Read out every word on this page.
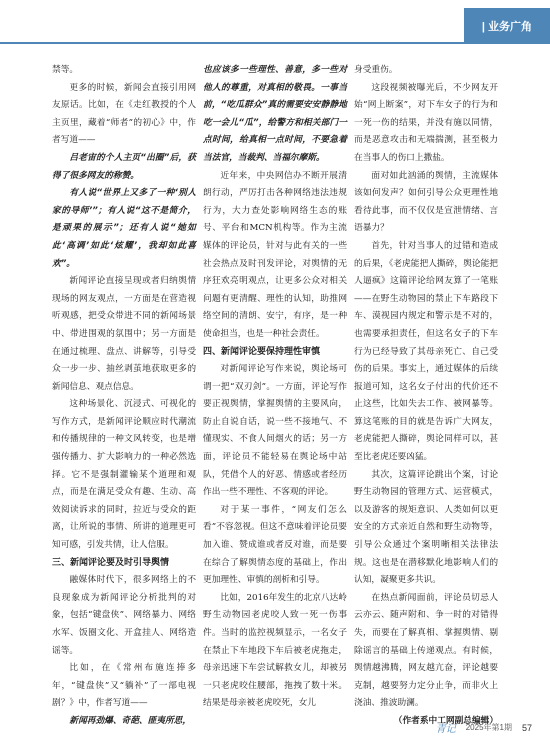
| 业务广角

禁等。

更多的时候，新闻会直接引用网友原话。比如，在《走红教授的个人主页里，藏着“师者”的初心》中，作者写道——

吕老宙的个人主页“出圈”后，获得了很多网友的称赞。

有人说“世界上又多了一种‘别人家的导师’”；有人说“这不是简介，是顽果的展示”；还有人说“她如此‘高调’如此‘炫耀’，我却如此喜欢”。

新闻评论直接呈现或者归纳舆情现场的网友观点，一方面是在营造视听观感，把受众带进不同的新闻场景中、带进围观的氛围中；另一方面是在通过梳理、盘点、讲解等，引导受众一步一步、抽丝剥茧地获取更多的新闻信息、观点信息。

这种场景化、沉浸式、可视化的写作方式，是新闻评论顺应时代潮流和传播规律的一种文风转变，也是增强传播力、扩大影响力的一种必然选择。它不是强制灌输某个道理和观点，而是在满足受众有趣、生动、高效阅读诉求的同时，拉近与受众的距离，让所说的事情、所讲的道理更可知可感，引发共情，让人信服。

三、新闻评论要及时引导舆情

融媒体时代下，很多网络上的不良现象成为新闻评论分析批判的对象，包括“键盘侠”、网络暴力、网络水军、饭圈文化、开盒挂人、网络造谣等。

比如，在《常州布施连捧多年，“键盘侠”又“躺补”了一部电视剧？》中，作者写道——

新闻再劲爆、奇葩、匪夷所思，

也应该多一些理性、善意，多一些对他人的尊重，对真相的敬畏。一事当前，“吃瓜群众”真的需要安安静静地吃一会儿“瓜”，给警方和相关部门一点时间，给真相一点时间，不要急着当法官，当裁判、当福尔摩斯。

近年来，中央网信办不断开展清朗行动，严厉打击各种网络违法违规行为，大力查处影响网络生态的账号、平台和MCN机构等。作为主流媒体的评论员，针对与此有关的一些社会热点及时刊发评论，对舆情的无序狂欢亮明观点，让更多公众对相关问题有更清醒、理性的认知，助推网络空间的清朗、安宁，有序，是一种使命担当，也是一种社会责任。

四、新闻评论要保持理性审慎

对新闻评论写作来说，舆论场可谓一把“双刃剑”。一方面，评论写作要正视舆情，掌握舆情的主要风向，防止自说自话，说一些不接地气、不懂现实、不食人间烟火的话；另一方面，评论员不能轻易在舆论场中站队，凭借个人的好恶、情感或者经历作出一些不理性、不客观的评论。

对于某一事件，“网友们怎么看”不容忽视。但这不意味着评论员要加入谁、赞成谁或者反对谁，而是要在综合了解舆情态度的基础上，作出更加理性、审慎的剖析和引导。

比如，2016年发生的北京八达岭野生动物园老虎咬人致一死一伤事件。当时的监控视频显示，一名女子在禁止下车地段下车后被老虎拖走，母亲迅速下车尝试解救女儿，却被另一只老虎咬住腰部，拖拽了数十米。结果是母亲被老虎咬死，女儿

身受重伤。

这段视频被曝光后，不少网友开始“网上断案”，对下车女子的行为和一死一伤的结果，并没有施以同情，而是恶意攻击和无端揣测，甚至极力在当事人的伤口上撒盐。

面对如此汹涌的舆情，主流媒体该如何发声？如何引导公众更理性地看待此事，而不仅仅是宣泄情绪、言语暴力？

首先，针对当事人的过错和造成的后果，《老虎能把人撕碎，舆论能把人逼疯》这篇评论给网友算了一笔账——在野生动物园的禁止下车路段下车、漠视园内规定和警示是不对的，也需要承担责任，但这名女子的下车行为已经导致了其母亲死亡、自己受伤的后果。事实上，通过媒体的后续报道可知，这名女子付出的代价还不止这些，比如失去工作、被网暴等。算这笔账的目的就是告诉广大网友，老虎能把人撕碎，舆论同样可以，甚至比老虎还要凶猛。

其次，这篇评论跳出个案，讨论野生动物园的管理方式、运营模式，以及游客的规矩意识、人类如何以更安全的方式亲近自然和野生动物等，引导公众通过个案明晰相关法律法规。这也是在潜移默化地影响人们的认知，凝聚更多共识。

在热点新闻面前，评论员切忌人云亦云、随声附和、争一时的对错得失，而要在了解真相、掌握舆情、剔除谣言的基础上传递观点。有时候，舆情越沸腾，网友越亢奋，评论越要克制，越要努力定分止争，而非火上浇油、推波助澜。

（作者系中工网副总编辑）

青记 2025年第1期 57
